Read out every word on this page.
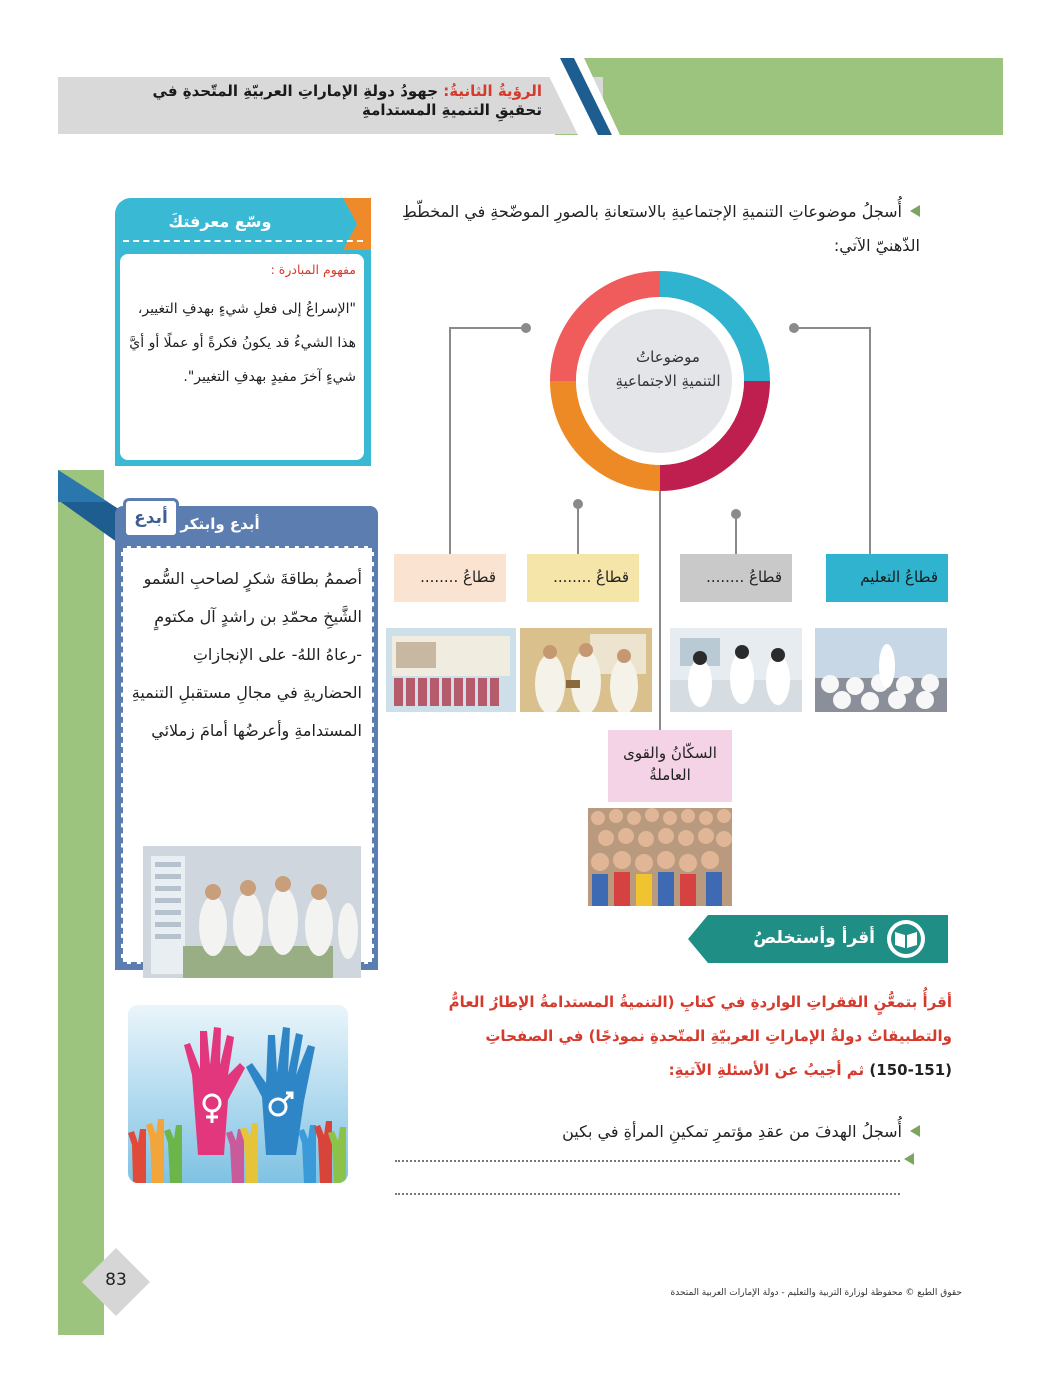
الرؤيةُ الثانيةُ: جهودُ دولةِ الإماراتِ العربيّةِ المتّحدةِ في تحقيقِ التنميةِ المستدامةِ
وسّع معرفتكَ
مفهوم المبادرة :
"الإسراعُ إلى فعلِ شيءٍ بهدفِ التغيير،
هذا الشيءُ قد يكونُ فكرةً أو عملًا أو أيَّ
شيءٍ آخرَ مفيدٍ بهدفِ التغيير".
أبدع وابتكر
أبدع
أصممُ بطاقةَ شكرٍ لصاحبِ السُّمو الشَّيخِ محمّدِ بن راشدٍ آل مكتومٍ -رعاهُ اللهُ- على الإنجازاتِ الحضاريةِ في مجالِ مستقبلِ التنميةِ المستدامةِ وأعرضُها أمامَ زملائي
أُسجلُ موضوعاتِ التنميةِ الإجتماعيةِ بالاستعانةِ بالصورِ الموضّحةِ في المخطّطِ الذّهنيّ الآتي:
موضوعاتُ
التنميةِ الاجتماعيةِ
قطاعُ التعليم
قطاعُ ........
قطاعُ ........
قطاعُ ........
السكّانُ والقوى
العاملةُ
أقرأ وأستخلصُ
أقرأُ بتمعُّنٍ الفقراتِ الواردةِ في كتابِ (التنميةُ المستدامةُ الإطارُ العامُّ
والتطبيقاتُ دولةُ الإماراتِ العربيّةِ المتّحدةِ نموذجًا) في الصفحاتِ
(150-151) ثم أجيبُ عن الأسئلةِ الآتيةِ:
أُسجلُ الهدفَ من عقدِ مؤتمرِ تمكينِ المرأةِ في بكين
83
حقوق الطبع © محفوظة لوزارة التربية والتعليم - دولة الإمارات العربية المتحدة
